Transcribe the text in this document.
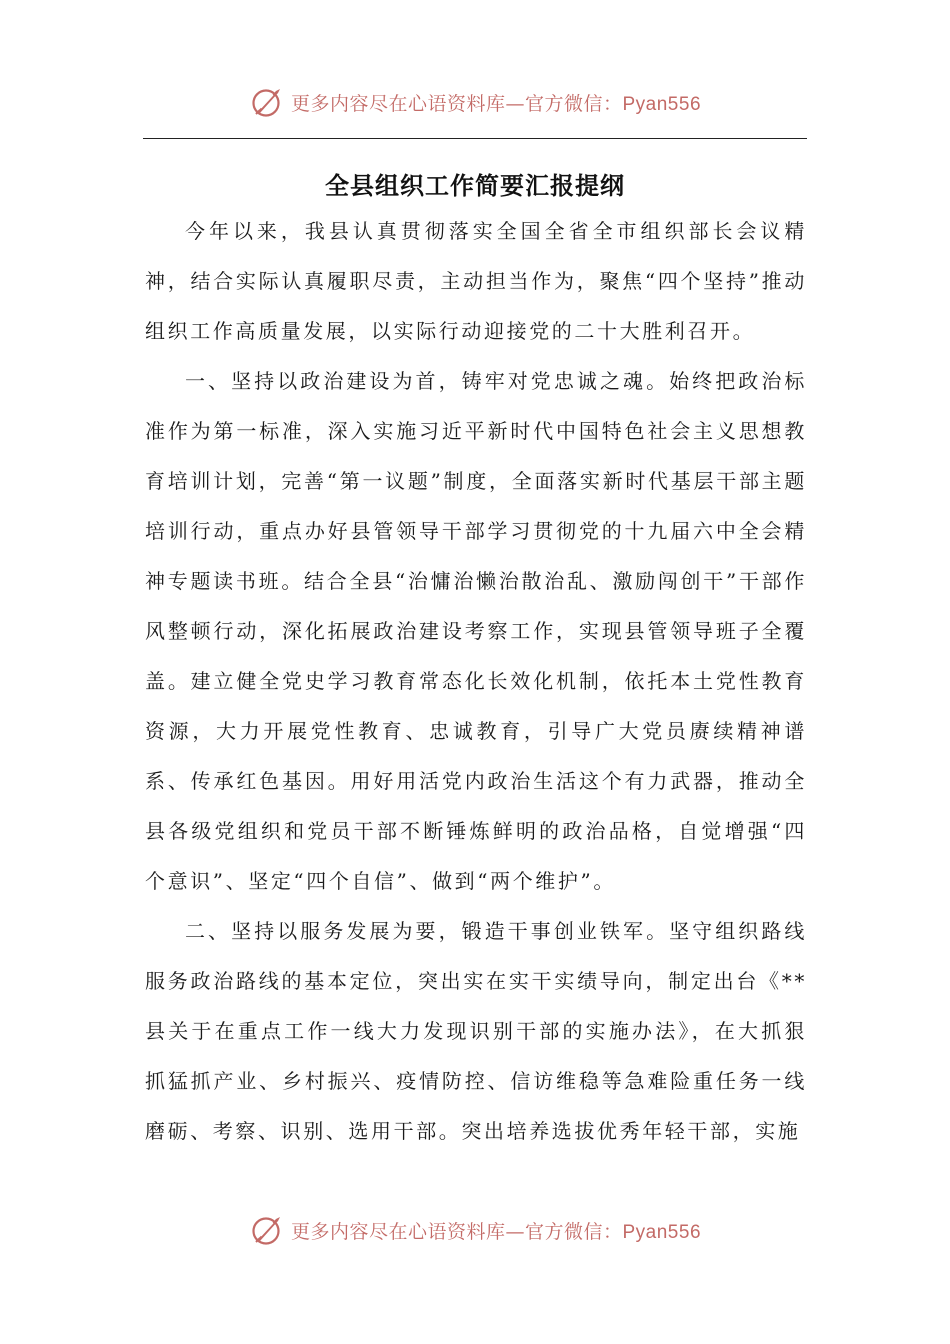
更多内容尽在心语资料库—官方微信：Pyan556
全县组织工作简要汇报提纲

今年以来，我县认真贯彻落实全国全省全市组织部长会议精神，结合实际认真履职尽责，主动担当作为，聚焦“四个坚持”推动组织工作高质量发展，以实际行动迎接党的二十大胜利召开。

一、坚持以政治建设为首，铸牢对党忠诚之魂。始终把政治标准作为第一标准，深入实施习近平新时代中国特色社会主义思想教育培训计划，完善“第一议题”制度，全面落实新时代基层干部主题培训行动，重点办好县管领导干部学习贯彻党的十九届六中全会精神专题读书班。结合全县“治慵治懒治散治乱、激励闯创干”干部作风整顿行动，深化拓展政治建设考察工作，实现县管领导班子全覆盖。建立健全党史学习教育常态化长效化机制，依托本土党性教育资源，大力开展党性教育、忠诚教育，引导广大党员赓续精神谱系、传承红色基因。用好用活党内政治生活这个有力武器，推动全县各级党组织和党员干部不断锤炼鲜明的政治品格，自觉增强“四个意识”、坚定“四个自信”、做到“两个维护”。

二、坚持以服务发展为要，锻造干事创业铁军。坚守组织路线服务政治路线的基本定位，突出实在实干实绩导向，制定出台《**县关于在重点工作一线大力发现识别干部的实施办法》，在大抓狠抓猛抓产业、乡村振兴、疫情防控、信访维稳等急难险重任务一线磨砺、考察、识别、选用干部。突出培养选拔优秀年轻干部，实施

更多内容尽在心语资料库—官方微信：Pyan556
